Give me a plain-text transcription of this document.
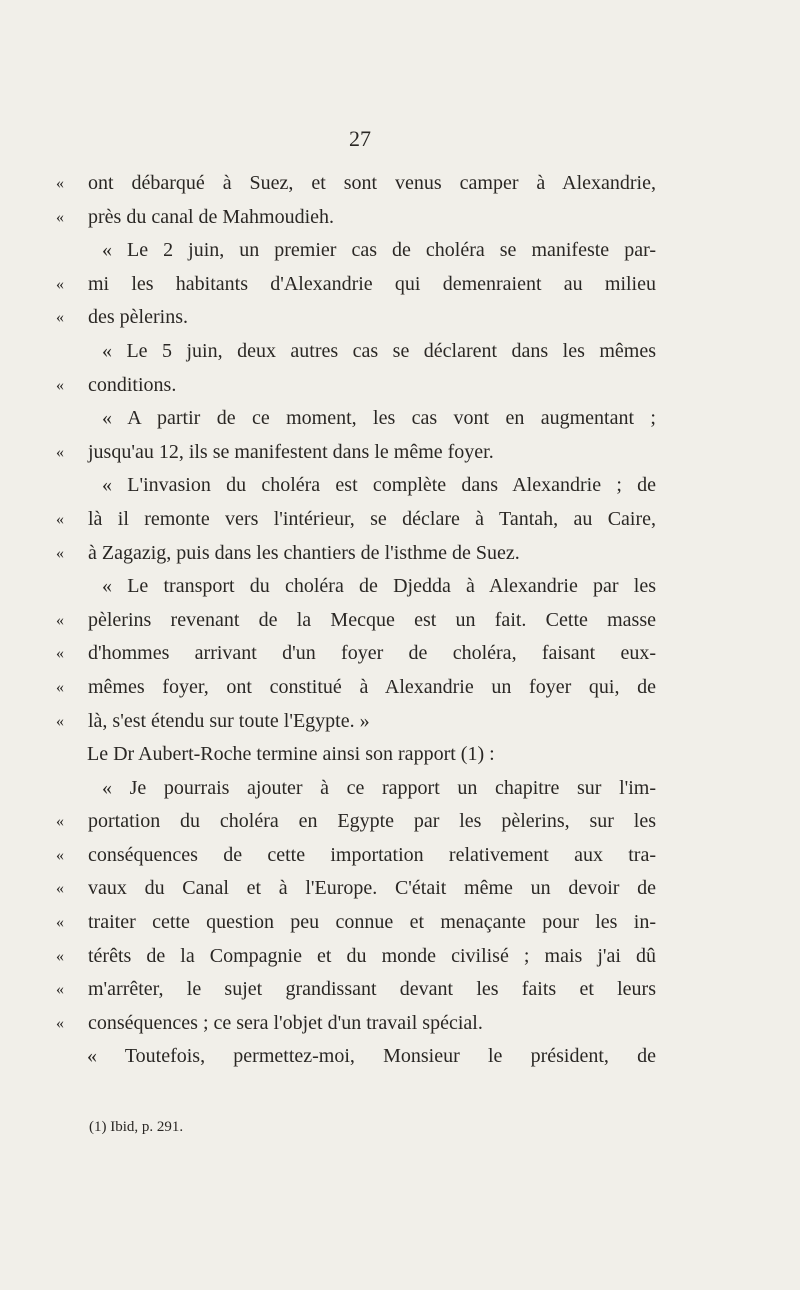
27
« ont débarqué à Suez, et sont venus camper à Alexandrie,
« près du canal de Mahmoudieh.
« Le 2 juin, un premier cas de choléra se manifeste par-
« mi les habitants d'Alexandrie qui demenraient au milieu
« des pèlerins.
« Le 5 juin, deux autres cas se déclarent dans les mêmes
« conditions.
« A partir de ce moment, les cas vont en augmentant ;
« jusqu'au 12, ils se manifestent dans le même foyer.
« L'invasion du choléra est complète dans Alexandrie ; de
« là il remonte vers l'intérieur, se déclare à Tantah, au Caire,
« à Zagazig, puis dans les chantiers de l'isthme de Suez.
« Le transport du choléra de Djedda à Alexandrie par les
« pèlerins revenant de la Mecque est un fait. Cette masse
« d'hommes arrivant d'un foyer de choléra, faisant eux-
« mêmes foyer, ont constitué à Alexandrie un foyer qui, de
« là, s'est étendu sur toute l'Egypte. »
Le Dr Aubert-Roche termine ainsi son rapport (1) :
« Je pourrais ajouter à ce rapport un chapitre sur l'im-
« portation du choléra en Egypte par les pèlerins, sur les
« conséquences de cette importation relativement aux tra-
« vaux du Canal et à l'Europe. C'était même un devoir de
« traiter cette question peu connue et menaçante pour les in-
« térêts de la Compagnie et du monde civilisé ; mais j'ai dû
« m'arrêter, le sujet grandissant devant les faits et leurs
« conséquences ; ce sera l'objet d'un travail spécial.
« Toutefois, permettez-moi, Monsieur le président, de
(1) Ibid, p. 291.
